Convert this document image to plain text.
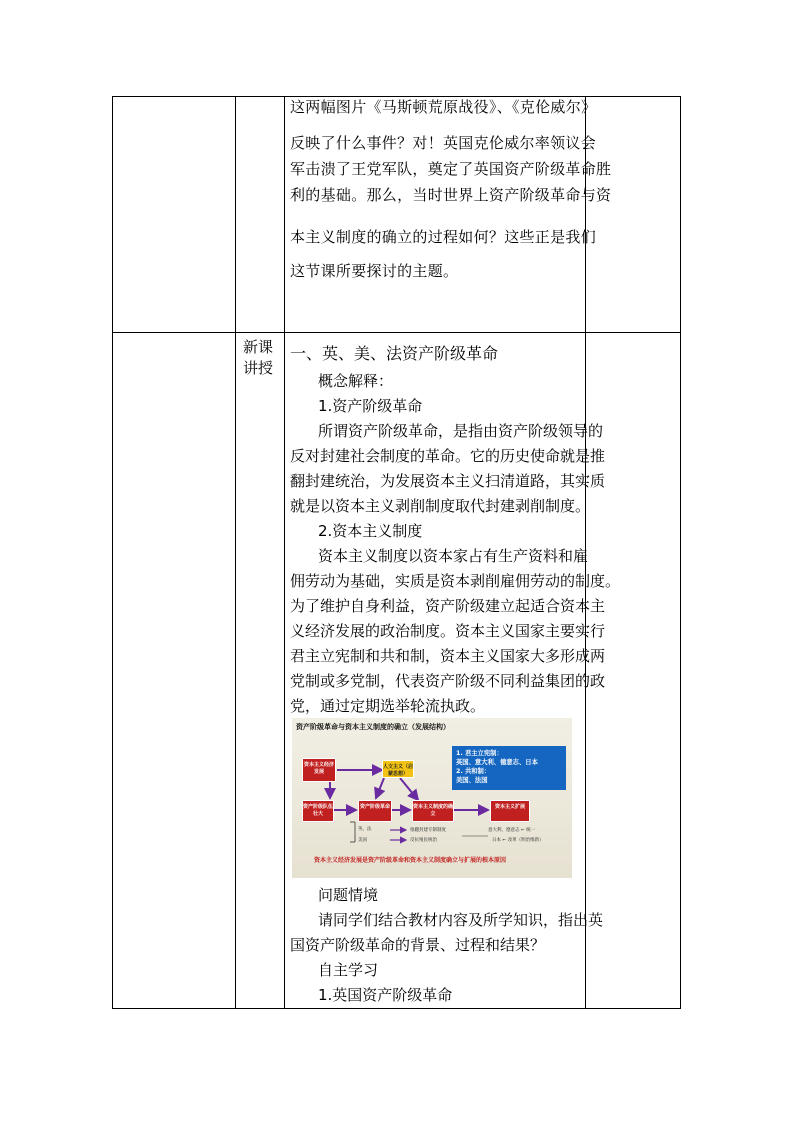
这两幅图片《马斯顿荒原战役》、《克伦威尔》
反映了什么事件？对！英国克伦威尔率领议会
军击溃了王党军队，奠定了英国资产阶级革命胜
利的基础。那么，当时世界上资产阶级革命与资
本主义制度的确立的过程如何？这些正是我们
这节课所要探讨的主题。
新课讲授
一、英、美、法资产阶级革命
概念解释：
1.资产阶级革命
所谓资产阶级革命，是指由资产阶级领导的
反对封建社会制度的革命。它的历史使命就是推
翻封建统治，为发展资本主义扫清道路，其实质
就是以资本主义剥削制度取代封建剥削制度。
2.资本主义制度
资本主义制度以资本家占有生产资料和雇
佣劳动为基础，实质是资本剥削雇佣劳动的制度。
为了维护自身利益，资产阶级建立起适合资本主
义经济发展的政治制度。资本主义国家主要实行
君主立宪制和共和制，资本主义国家大多形成两
党制或多党制，代表资产阶级不同利益集团的政
党，通过定期选举轮流执政。
问题情境
请同学们结合教材内容及所学知识，指出英
国资产阶级革命的背景、过程和结果？
自主学习
1.英国资产阶级革命
资产阶级革命与资本主义制度的确立（发展结构）
资本主义经济发展
人文主义（启蒙思想）
资产阶级队伍壮大
资产阶级革命	资本主义制度的确立
资本主义扩展
1. 君主立宪制：
英国、意大利、德意志、日本
2. 共和制：
美国、法国
英、法
美国
推翻封建专制制度
反抗殖民统治
意大利、德意志 ← 统一
日本 ← 改革（明治维新）
资本主义经济发展是资产阶级革命和资本主义制度确立与扩展的根本原因
